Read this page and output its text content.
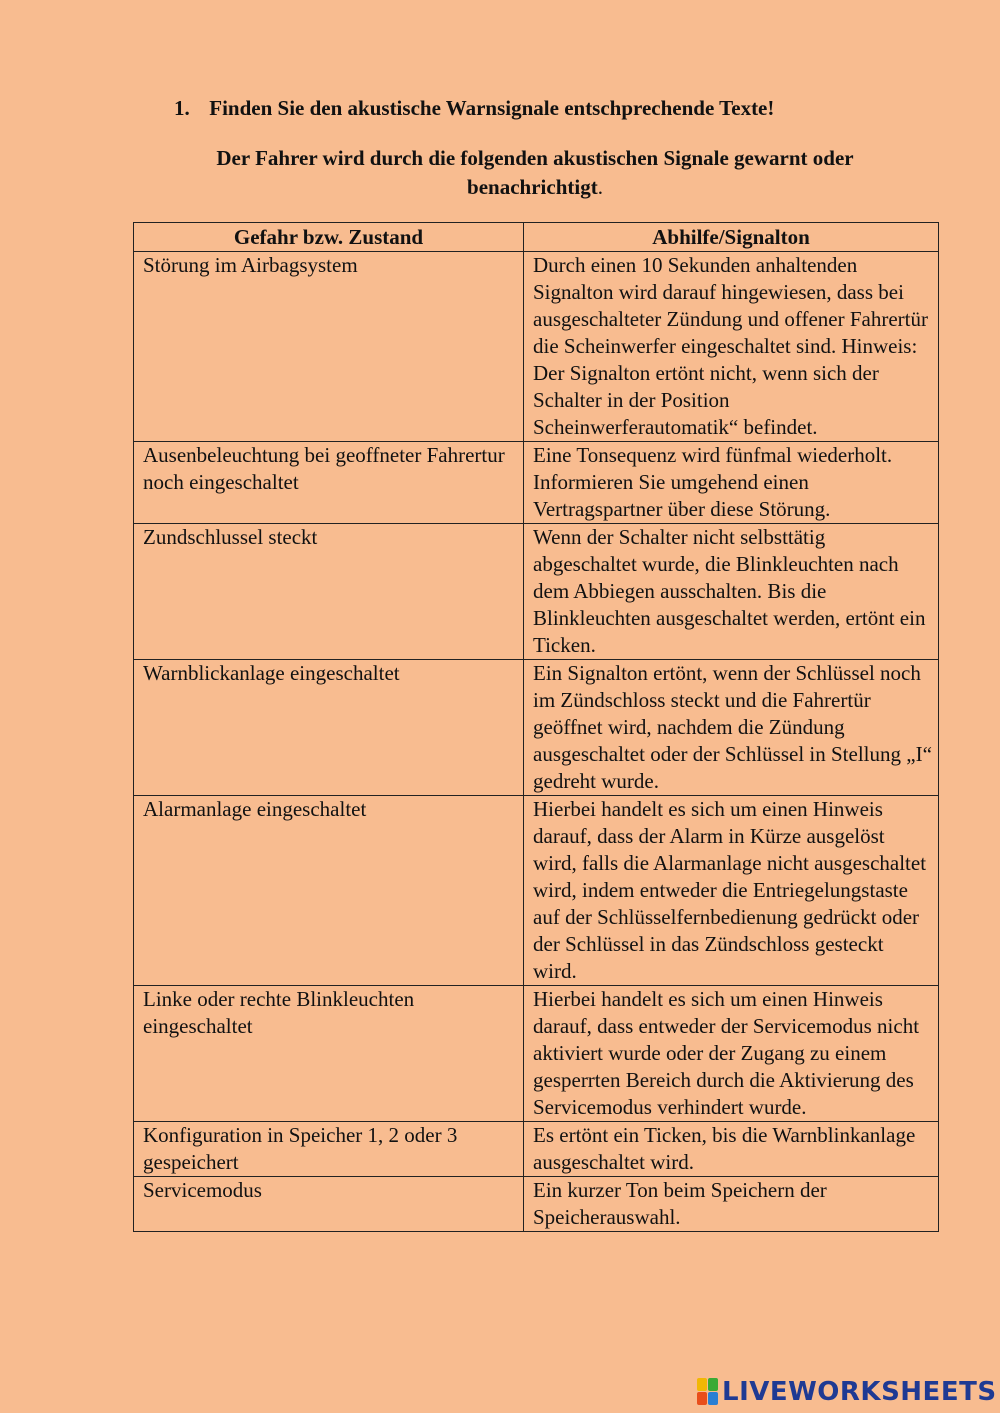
1. Finden Sie den akustische Warnsignale entschprechende Texte!
Der Fahrer wird durch die folgenden akustischen Signale gewarnt oder benachrichtigt.
Gefahr bzw. Zustand	Abhilfe/Signalton
Störung im Airbagsystem	Durch einen 10 Sekunden anhaltenden Signalton wird darauf hingewiesen, dass bei ausgeschalteter Zündung und offener Fahrertür die Scheinwerfer eingeschaltet sind. Hinweis: Der Signalton ertönt nicht, wenn sich der Schalter in der Position Scheinwerferautomatik“ befindet.
Ausenbeleuchtung bei geoffneter Fahrertur noch eingeschaltet	Eine Tonsequenz wird fünfmal wiederholt. Informieren Sie umgehend einen Vertragspartner über diese Störung.
Zundschlussel steckt	Wenn der Schalter nicht selbsttätig abgeschaltet wurde, die Blinkleuchten nach dem Abbiegen ausschalten. Bis die Blinkleuchten ausgeschaltet werden, ertönt ein Ticken.
Warnblickanlage eingeschaltet	Ein Signalton ertönt, wenn der Schlüssel noch im Zündschloss steckt und die Fahrertür geöffnet wird, nachdem die Zündung ausgeschaltet oder der Schlüssel in Stellung „I“ gedreht wurde.
Alarmanlage eingeschaltet	Hierbei handelt es sich um einen Hinweis darauf, dass der Alarm in Kürze ausgelöst wird, falls die Alarmanlage nicht ausgeschaltet wird, indem entweder die Entriegelungstaste auf der Schlüsselfernbedienung gedrückt oder der Schlüssel in das Zündschloss gesteckt wird.
Linke oder rechte Blinkleuchten eingeschaltet	Hierbei handelt es sich um einen Hinweis darauf, dass entweder der Servicemodus nicht aktiviert wurde oder der Zugang zu einem gesperrten Bereich durch die Aktivierung des Servicemodus verhindert wurde.
Konfiguration in Speicher 1, 2 oder 3 gespeichert	Es ertönt ein Ticken, bis die Warnblinkanlage ausgeschaltet wird.
Servicemodus	Ein kurzer Ton beim Speichern der Speicherauswahl.
LIVEWORKSHEETS
